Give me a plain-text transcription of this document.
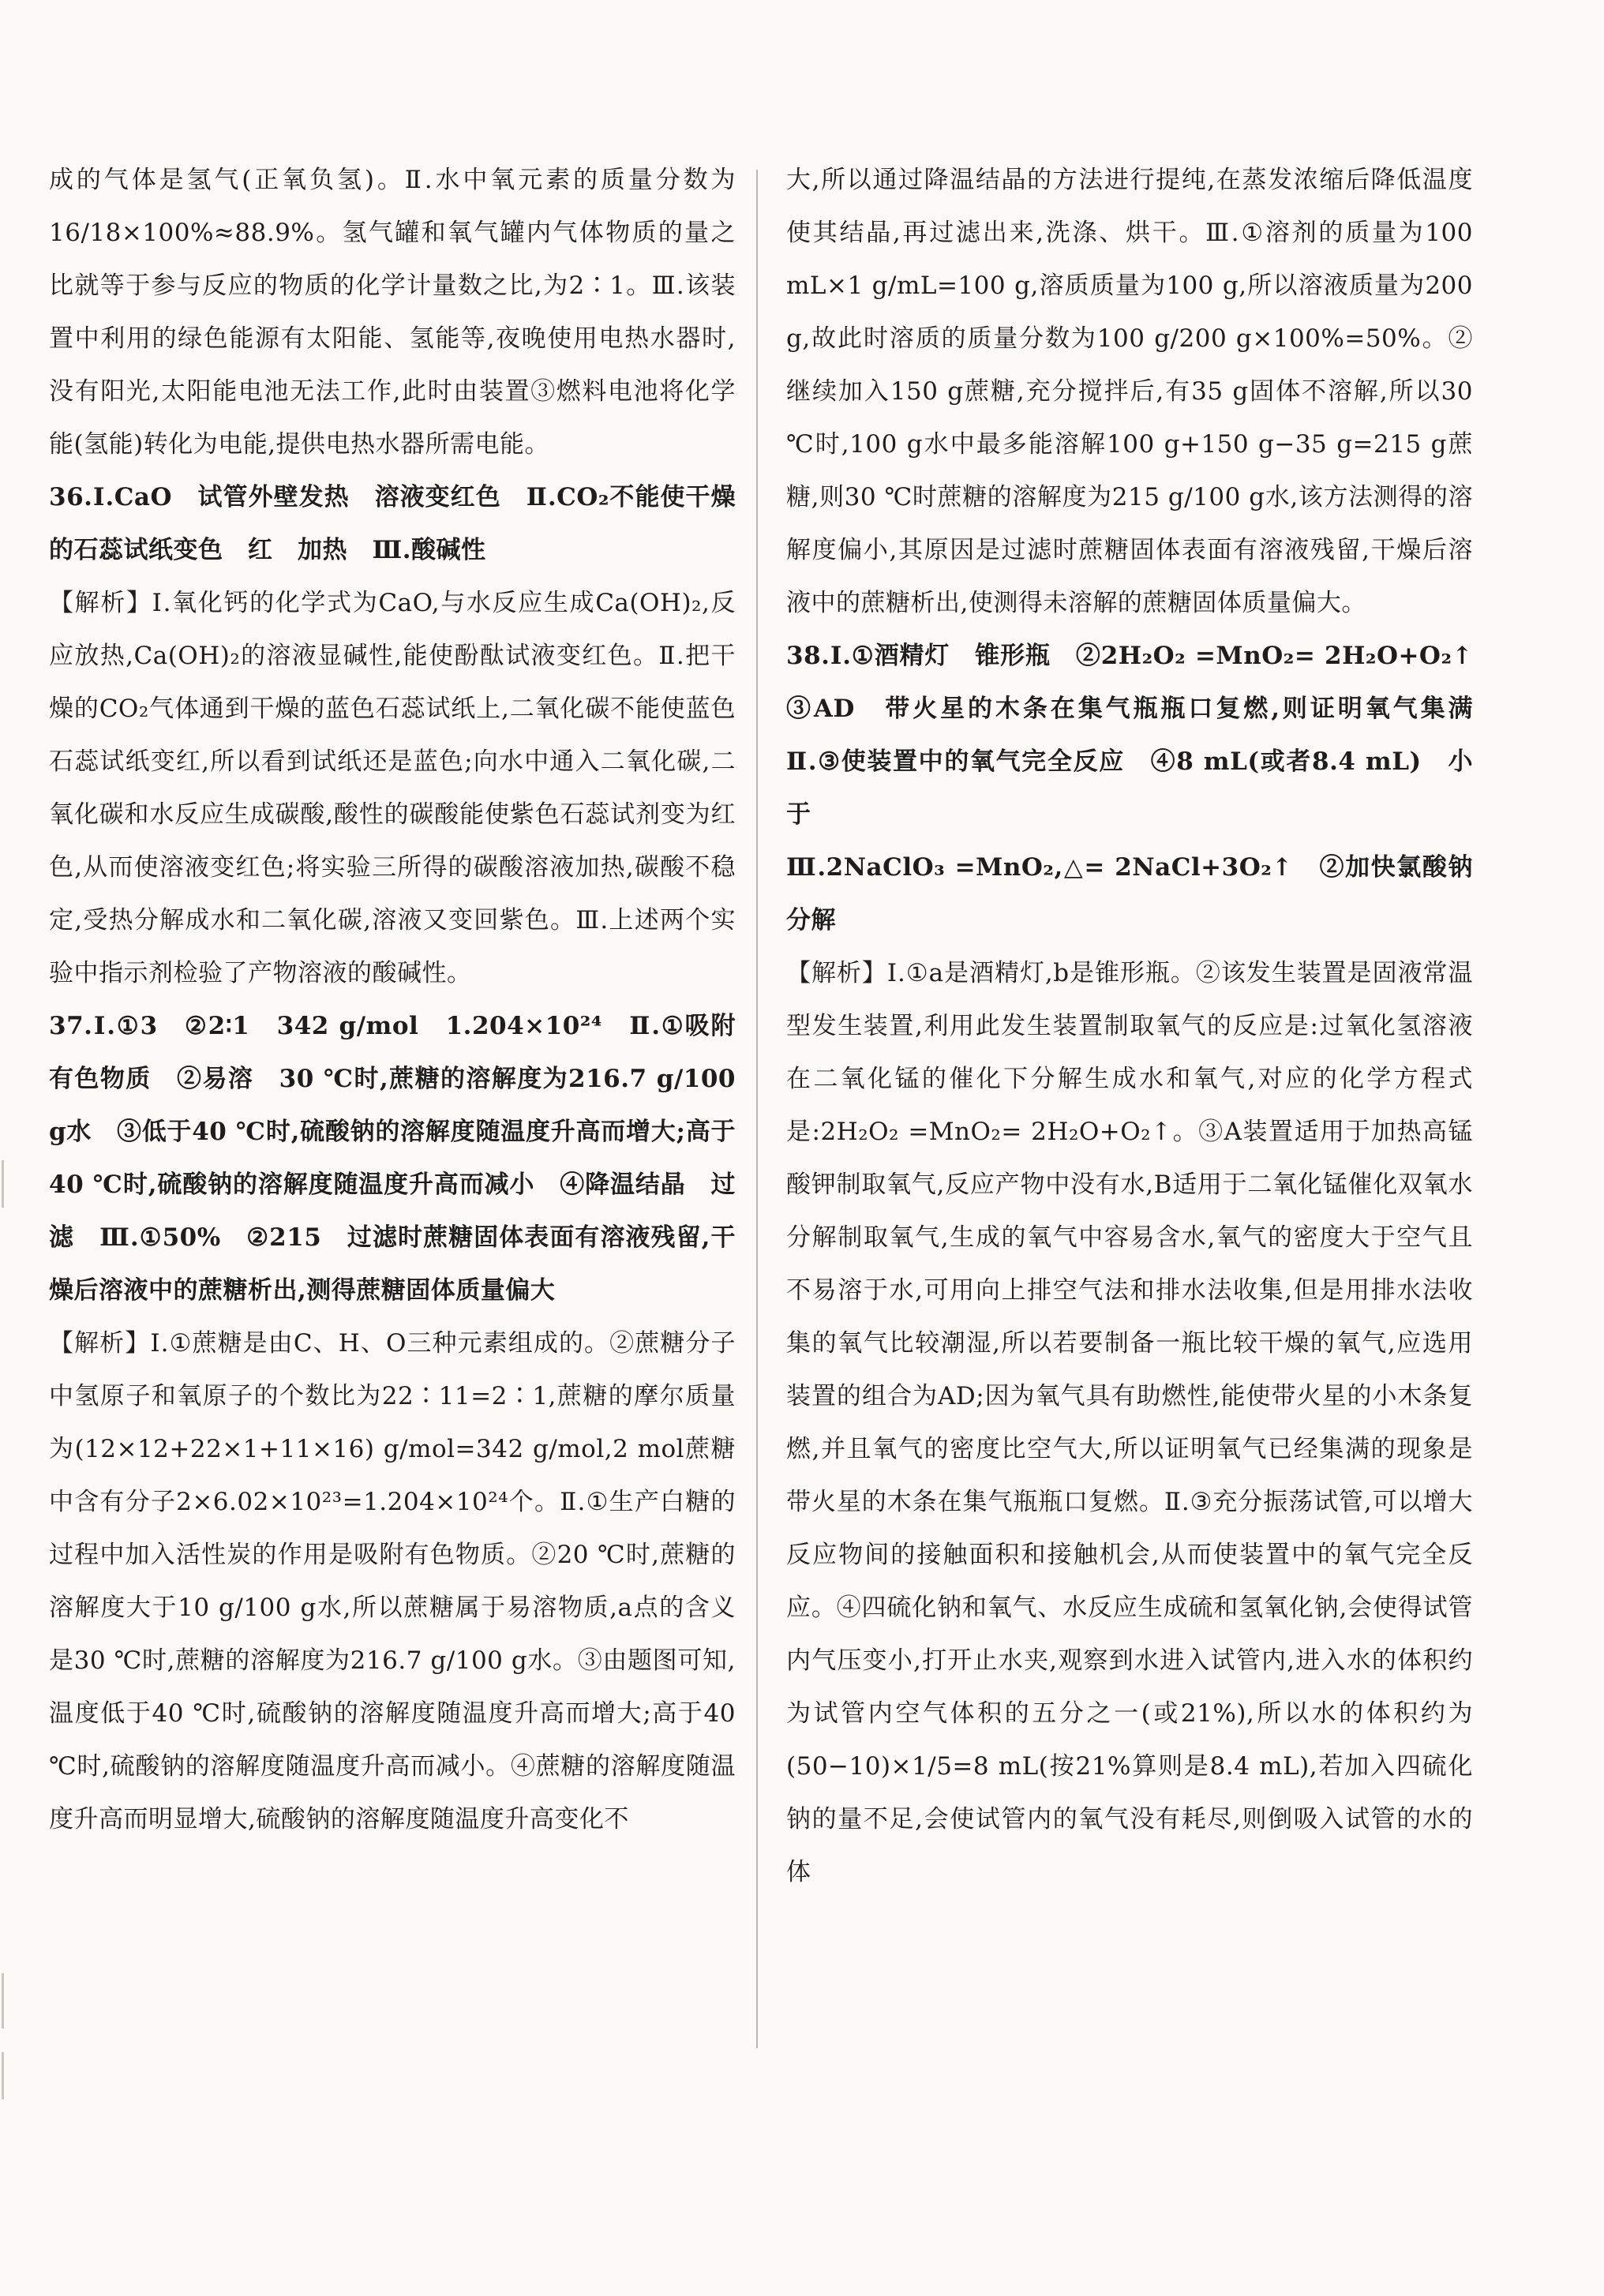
成的气体是氢气(正氧负氢)。Ⅱ.水中氧元素的质量分数为16/18×100%≈88.9%。氢气罐和氧气罐内气体物质的量之比就等于参与反应的物质的化学计量数之比,为2∶1。Ⅲ.该装置中利用的绿色能源有太阳能、氢能等,夜晚使用电热水器时,没有阳光,太阳能电池无法工作,此时由装置③燃料电池将化学能(氢能)转化为电能,提供电热水器所需电能。

36.Ⅰ.CaO　试管外壁发热　溶液变红色　Ⅱ.CO₂不能使干燥的石蕊试纸变色　红　加热　Ⅲ.酸碱性

【解析】Ⅰ.氧化钙的化学式为CaO,与水反应生成Ca(OH)₂,反应放热,Ca(OH)₂的溶液显碱性,能使酚酞试液变红色。Ⅱ.把干燥的CO₂气体通到干燥的蓝色石蕊试纸上,二氧化碳不能使蓝色石蕊试纸变红,所以看到试纸还是蓝色;向水中通入二氧化碳,二氧化碳和水反应生成碳酸,酸性的碳酸能使紫色石蕊试剂变为红色,从而使溶液变红色;将实验三所得的碳酸溶液加热,碳酸不稳定,受热分解成水和二氧化碳,溶液又变回紫色。Ⅲ.上述两个实验中指示剂检验了产物溶液的酸碱性。

37.Ⅰ.①3　②2∶1　342 g/mol　1.204×10²⁴　Ⅱ.①吸附有色物质　②易溶　30 ℃时,蔗糖的溶解度为216.7 g/100 g水　③低于40 ℃时,硫酸钠的溶解度随温度升高而增大;高于40 ℃时,硫酸钠的溶解度随温度升高而减小　④降温结晶　过滤　Ⅲ.①50%　②215　过滤时蔗糖固体表面有溶液残留,干燥后溶液中的蔗糖析出,测得蔗糖固体质量偏大

【解析】Ⅰ.①蔗糖是由C、H、O三种元素组成的。②蔗糖分子中氢原子和氧原子的个数比为22∶11=2∶1,蔗糖的摩尔质量为(12×12+22×1+11×16) g/mol=342 g/mol,2 mol蔗糖中含有分子2×6.02×10²³=1.204×10²⁴个。Ⅱ.①生产白糖的过程中加入活性炭的作用是吸附有色物质。②20 ℃时,蔗糖的溶解度大于10 g/100 g水,所以蔗糖属于易溶物质,a点的含义是30 ℃时,蔗糖的溶解度为216.7 g/100 g水。③由题图可知,温度低于40 ℃时,硫酸钠的溶解度随温度升高而增大;高于40 ℃时,硫酸钠的溶解度随温度升高而减小。④蔗糖的溶解度随温度升高而明显增大,硫酸钠的溶解度随温度升高变化不

大,所以通过降温结晶的方法进行提纯,在蒸发浓缩后降低温度使其结晶,再过滤出来,洗涤、烘干。Ⅲ.①溶剂的质量为100 mL×1 g/mL=100 g,溶质质量为100 g,所以溶液质量为200 g,故此时溶质的质量分数为100 g/200 g×100%=50%。②继续加入150 g蔗糖,充分搅拌后,有35 g固体不溶解,所以30 ℃时,100 g水中最多能溶解100 g+150 g−35 g=215 g蔗糖,则30 ℃时蔗糖的溶解度为215 g/100 g水,该方法测得的溶解度偏小,其原因是过滤时蔗糖固体表面有溶液残留,干燥后溶液中的蔗糖析出,使测得未溶解的蔗糖固体质量偏大。

38.Ⅰ.①酒精灯　锥形瓶　②2H₂O₂ =MnO₂= 2H₂O+O₂↑　③AD　带火星的木条在集气瓶瓶口复燃,则证明氧气集满　Ⅱ.③使装置中的氧气完全反应　④8 mL(或者8.4 mL)　小于

Ⅲ.2NaClO₃ =MnO₂,△= 2NaCl+3O₂↑　②加快氯酸钠分解

【解析】Ⅰ.①a是酒精灯,b是锥形瓶。②该发生装置是固液常温型发生装置,利用此发生装置制取氧气的反应是:过氧化氢溶液在二氧化锰的催化下分解生成水和氧气,对应的化学方程式是:2H₂O₂ =MnO₂= 2H₂O+O₂↑。③A装置适用于加热高锰酸钾制取氧气,反应产物中没有水,B适用于二氧化锰催化双氧水分解制取氧气,生成的氧气中容易含水,氧气的密度大于空气且不易溶于水,可用向上排空气法和排水法收集,但是用排水法收集的氧气比较潮湿,所以若要制备一瓶比较干燥的氧气,应选用装置的组合为AD;因为氧气具有助燃性,能使带火星的小木条复燃,并且氧气的密度比空气大,所以证明氧气已经集满的现象是带火星的木条在集气瓶瓶口复燃。Ⅱ.③充分振荡试管,可以增大反应物间的接触面积和接触机会,从而使装置中的氧气完全反应。④四硫化钠和氧气、水反应生成硫和氢氧化钠,会使得试管内气压变小,打开止水夹,观察到水进入试管内,进入水的体积约为试管内空气体积的五分之一(或21%),所以水的体积约为(50−10)×1/5=8 mL(按21%算则是8.4 mL),若加入四硫化钠的量不足,会使试管内的氧气没有耗尽,则倒吸入试管的水的体
